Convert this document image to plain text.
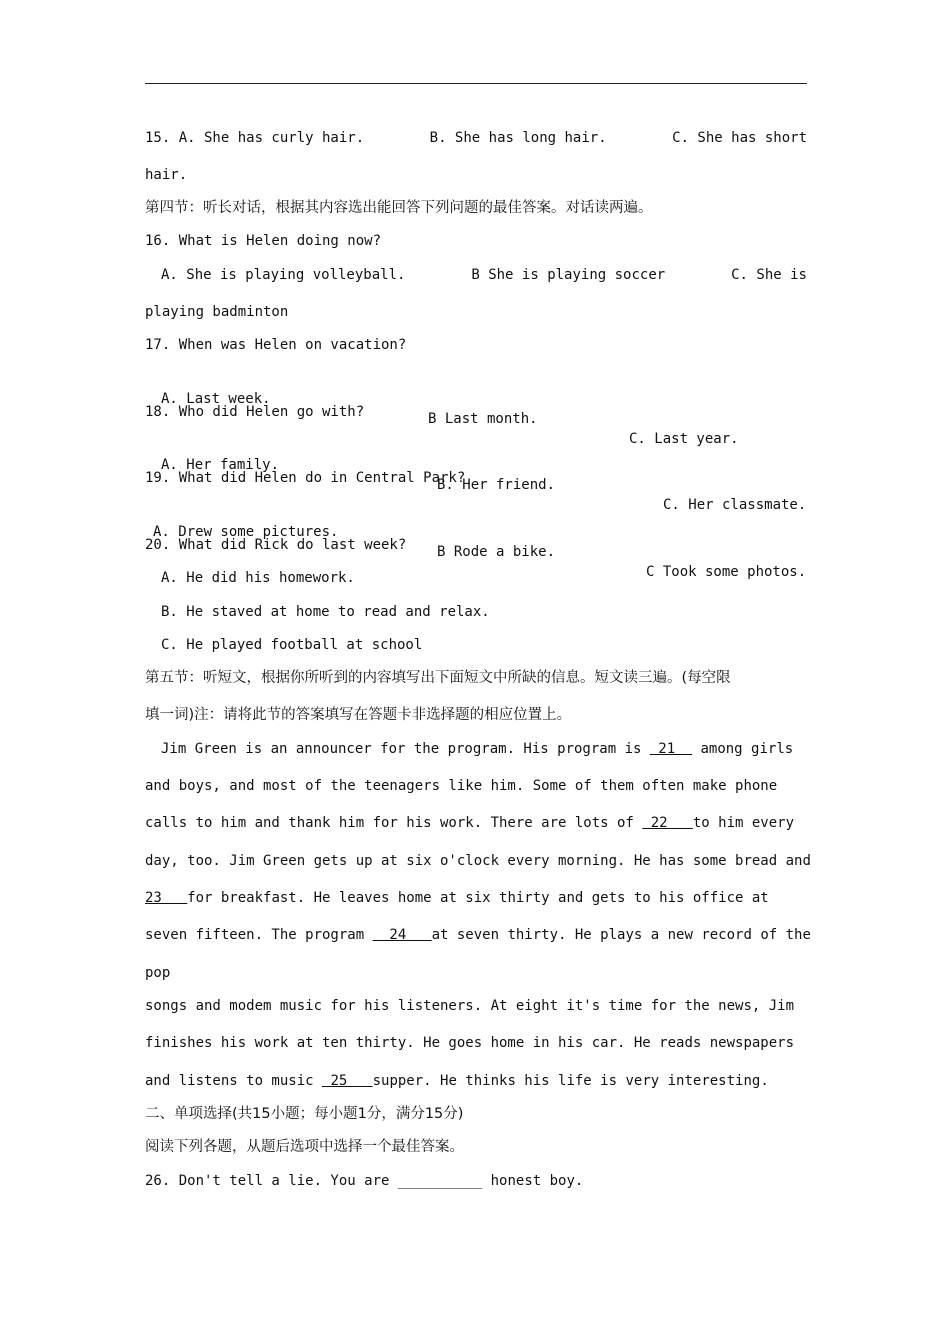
15. A. She has curly hair.	B. She has long hair.	C. She has short
hair.
第四节：听长对话，根据其内容选出能回答下列问题的最佳答案。对话读两遍。
16. What is Helen doing now?
A. She is playing volleyball.	B She is playing soccer	C. She is
playing badminton
17. When was Helen on vacation?

A. Last week.

B Last month.

C. Last year.

18. Who did Helen go with?

A. Her family.

B. Her friend.

C. Her classmate.

19. What did Helen do in Central Park?

A. Drew some pictures.

B Rode a bike.

C Took some photos.

20. What did Rick do last week?
A. He did his homework.
B. He staved at home to read and relax.
C. He played football at school
第五节：听短文，根据你所听到的内容填写出下面短文中所缺的信息。短文读三遍。(每空限
填一词)注：请将此节的答案填写在答题卡非选择题的相应位置上。
Jim Green is an announcer for the program. His program is  21   among girls
and boys, and most of the teenagers like him. Some of them often make phone
calls to him and thank him for his work. There are lots of  22   to him every
day, too. Jim Green gets up at six o'clock every morning. He has some bread and
23   for breakfast. He leaves home at six thirty and gets to his office at
seven fifteen. The program   24   at seven thirty. He plays a new record of the
pop
songs and modem music for his listeners. At eight it's time for the news, Jim
finishes his work at ten thirty. He goes home in his car. He reads newspapers
and listens to music  25   supper. He thinks his life is very interesting.
二、单项选择(共15小题；每小题1分，满分15分)
阅读下列各题，从题后选项中选择一个最佳答案。
26. Don't tell a lie. You are __________ honest boy.
